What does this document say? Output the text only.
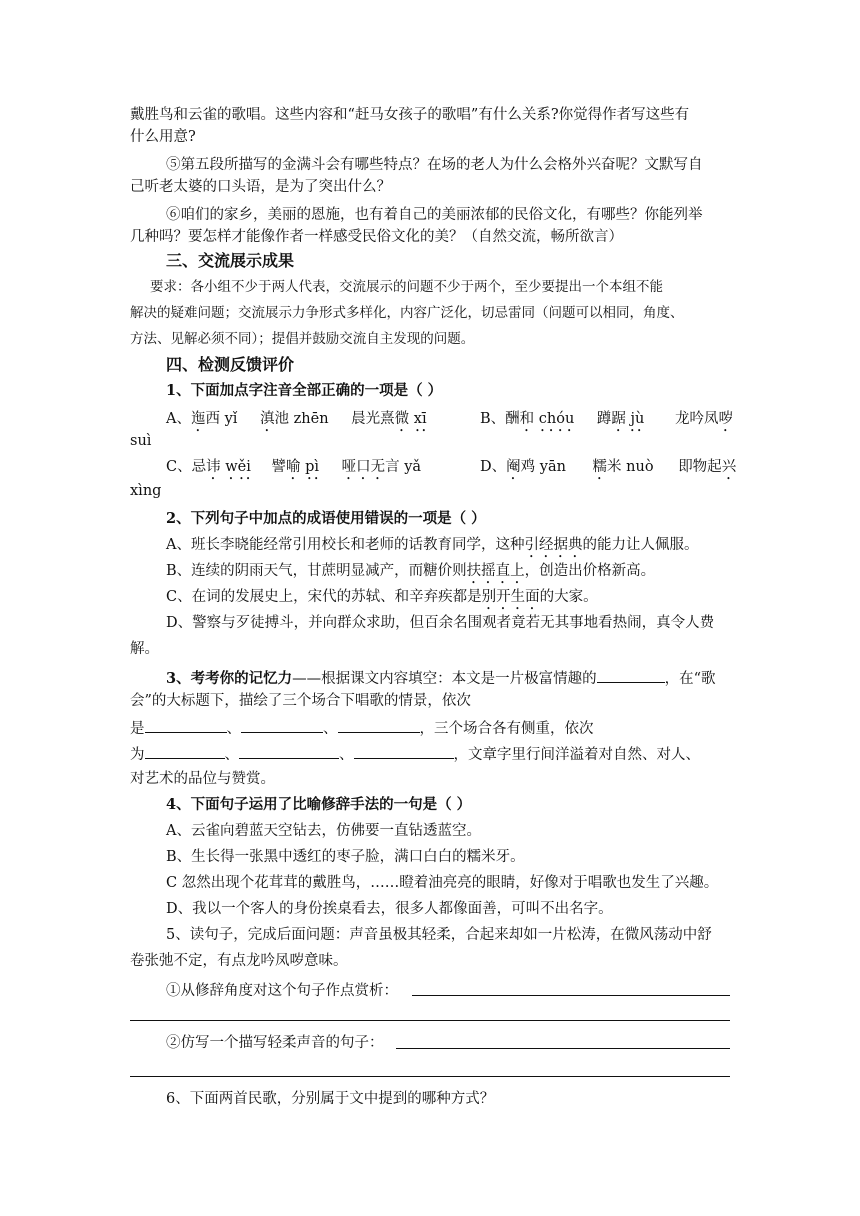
戴胜鸟和云雀的歌唱。这些内容和“赶马女孩子的歌唱”有什么关系?你觉得作者写这些有
什么用意?
⑤第五段所描写的金满斗会有哪些特点？在场的老人为什么会格外兴奋呢？文默写自
己听老太婆的口头语，是为了突出什么？
⑥咱们的家乡，美丽的恩施，也有着自己的美丽浓郁的民俗文化，有哪些？你能列举
几种吗？要怎样才能像作者一样感受民俗文化的美？（自然交流，畅所欲言）
三、交流展示成果
要求：各小组不少于两人代表，交流展示的问题不少于两个，至少要提出一个本组不能
解决的疑难问题；交流展示力争形式多样化，内容广泛化，切忌雷同（问题可以相同，角度、
方法、见解必须不同）；提倡并鼓励交流自主发现的问题。
四、检测反馈评价
1、下面加点字注音全部正确的一项是（ ）
A、迤西 yǐ 滇池 zhēn 晨光熹微 xī	B、酬和 chóu 蹲踞 jù 龙吟凤哕
suì
C、忌讳 wěi 譬喻 pì 哑口无言 yǎ	D、阉鸡 yān 糯米 nuò 即物起兴
xìng
2、下列句子中加点的成语使用错误的一项是（ ）
A、班长李晓能经常引用校长和老师的话教育同学，这种引经据典的能力让人佩服。
B、连续的阴雨天气，甘蔗明显减产，而糖价则扶摇直上，创造出价格新高。
C、在词的发展史上，宋代的苏轼、和辛弃疾都是别开生面的大家。
D、警察与歹徒搏斗，并向群众求助，但百余名围观者竟若无其事地看热闹，真令人费
解。
3、考考你的记忆力——根据课文内容填空：本文是一片极富情趣的	，在“歌
会”的大标题下，描绘了三个场合下唱歌的情景，依次
是	、	、	，三个场合各有侧重，依次
为	、	、	，文章字里行间洋溢着对自然、对人、
对艺术的品位与赞赏。
4、下面句子运用了比喻修辞手法的一句是（ ）
A、云雀向碧蓝天空钻去，仿佛要一直钻透蓝空。
B、生长得一张黑中透红的枣子脸，满口白白的糯米牙。
C 忽然出现个花茸茸的戴胜鸟，……瞪着油亮亮的眼睛，好像对于唱歌也发生了兴趣。
D、我以一个客人的身份挨桌看去，很多人都像面善，可叫不出名字。
5、读句子，完成后面问题：声音虽极其轻柔，合起来却如一片松涛，在微风荡动中舒
卷张弛不定，有点龙吟凤哕意味。
①从修辞角度对这个句子作点赏析：
②仿写一个描写轻柔声音的句子：
6、下面两首民歌，分别属于文中提到的哪种方式？
